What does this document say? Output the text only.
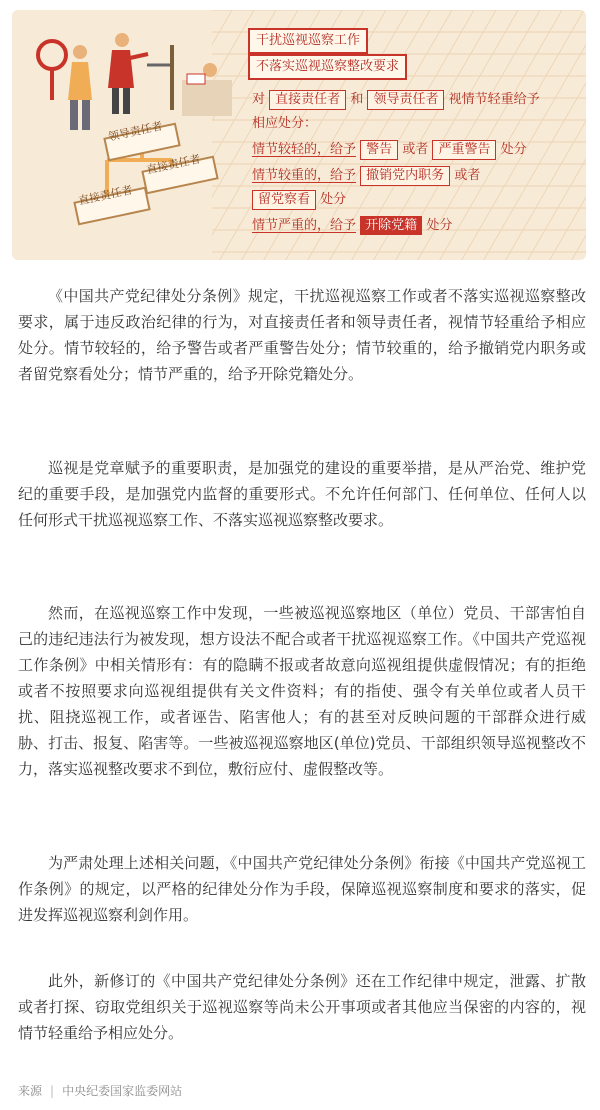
领导责任者
直接责任者
直接责任者
干扰巡视巡察工作
不落实巡视巡察整改要求
对 直接责任者 和 领导责任者 视情节轻重给予
相应处分：
情节较轻的，给予 警告 或者 严重警告 处分
情节较重的，给予 撤销党内职务 或者
留党察看 处分
情节严重的，给予 开除党籍 处分

《中国共产党纪律处分条例》规定，干扰巡视巡察工作或者不落实巡视巡察整改要求，属于违反政治纪律的行为，对直接责任者和领导责任者，视情节轻重给予相应处分。情节较轻的，给予警告或者严重警告处分；情节较重的，给予撤销党内职务或者留党察看处分；情节严重的，给予开除党籍处分。

巡视是党章赋予的重要职责，是加强党的建设的重要举措，是从严治党、维护党纪的重要手段，是加强党内监督的重要形式。不允许任何部门、任何单位、任何人以任何形式干扰巡视巡察工作、不落实巡视巡察整改要求。

然而，在巡视巡察工作中发现，一些被巡视巡察地区（单位）党员、干部害怕自己的违纪违法行为被发现，想方设法不配合或者干扰巡视巡察工作。《中国共产党巡视工作条例》中相关情形有：有的隐瞒不报或者故意向巡视组提供虚假情况；有的拒绝或者不按照要求向巡视组提供有关文件资料；有的指使、强令有关单位或者人员干扰、阻挠巡视工作，或者诬告、陷害他人；有的甚至对反映问题的干部群众进行威胁、打击、报复、陷害等。一些被巡视巡察地区(单位)党员、干部组织领导巡视整改不力，落实巡视整改要求不到位，敷衍应付、虚假整改等。

为严肃处理上述相关问题，《中国共产党纪律处分条例》衔接《中国共产党巡视工作条例》的规定，以严格的纪律处分作为手段，保障巡视巡察制度和要求的落实，促进发挥巡视巡察利剑作用。

此外，新修订的《中国共产党纪律处分条例》还在工作纪律中规定，泄露、扩散或者打探、窃取党组织关于巡视巡察等尚未公开事项或者其他应当保密的内容的，视情节轻重给予相应处分。

来源 | 中央纪委国家监委网站
